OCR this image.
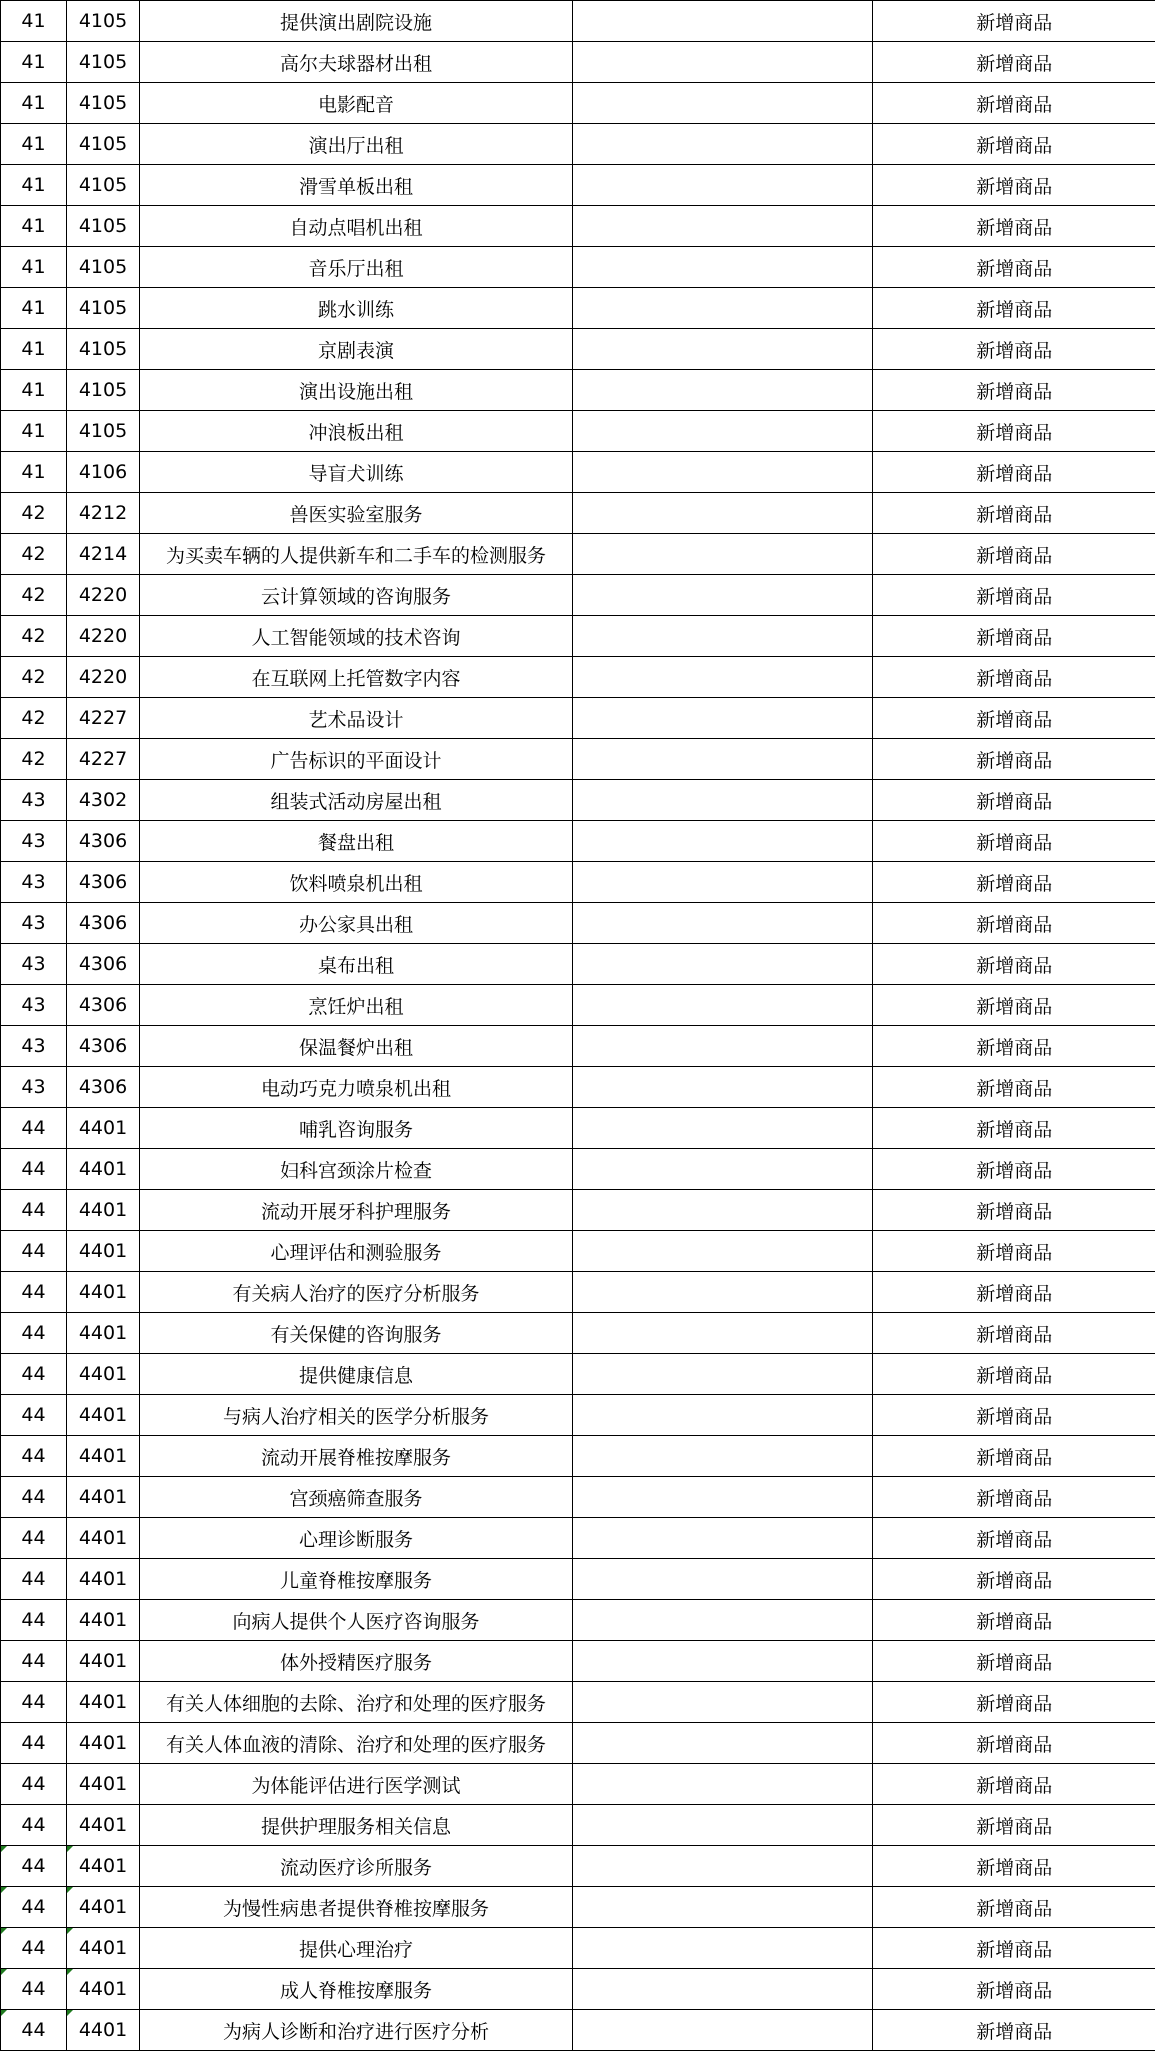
41	4105	提供演出剧院设施		新增商品
41	4105	高尔夫球器材出租		新增商品
41	4105	电影配音		新增商品
41	4105	演出厅出租		新增商品
41	4105	滑雪单板出租		新增商品
41	4105	自动点唱机出租		新增商品
41	4105	音乐厅出租		新增商品
41	4105	跳水训练		新增商品
41	4105	京剧表演		新增商品
41	4105	演出设施出租		新增商品
41	4105	冲浪板出租		新增商品
41	4106	导盲犬训练		新增商品
42	4212	兽医实验室服务		新增商品
42	4214	为买卖车辆的人提供新车和二手车的检测服务		新增商品
42	4220	云计算领域的咨询服务		新增商品
42	4220	人工智能领域的技术咨询		新增商品
42	4220	在互联网上托管数字内容		新增商品
42	4227	艺术品设计		新增商品
42	4227	广告标识的平面设计		新增商品
43	4302	组装式活动房屋出租		新增商品
43	4306	餐盘出租		新增商品
43	4306	饮料喷泉机出租		新增商品
43	4306	办公家具出租		新增商品
43	4306	桌布出租		新增商品
43	4306	烹饪炉出租		新增商品
43	4306	保温餐炉出租		新增商品
43	4306	电动巧克力喷泉机出租		新增商品
44	4401	哺乳咨询服务		新增商品
44	4401	妇科宫颈涂片检查		新增商品
44	4401	流动开展牙科护理服务		新增商品
44	4401	心理评估和测验服务		新增商品
44	4401	有关病人治疗的医疗分析服务		新增商品
44	4401	有关保健的咨询服务		新增商品
44	4401	提供健康信息		新增商品
44	4401	与病人治疗相关的医学分析服务		新增商品
44	4401	流动开展脊椎按摩服务		新增商品
44	4401	宫颈癌筛查服务		新增商品
44	4401	心理诊断服务		新增商品
44	4401	儿童脊椎按摩服务		新增商品
44	4401	向病人提供个人医疗咨询服务		新增商品
44	4401	体外授精医疗服务		新增商品
44	4401	有关人体细胞的去除、治疗和处理的医疗服务		新增商品
44	4401	有关人体血液的清除、治疗和处理的医疗服务		新增商品
44	4401	为体能评估进行医学测试		新增商品
44	4401	提供护理服务相关信息		新增商品
44	4401	流动医疗诊所服务		新增商品
44	4401	为慢性病患者提供脊椎按摩服务		新增商品
44	4401	提供心理治疗		新增商品
44	4401	成人脊椎按摩服务		新增商品
44	4401	为病人诊断和治疗进行医疗分析		新增商品
